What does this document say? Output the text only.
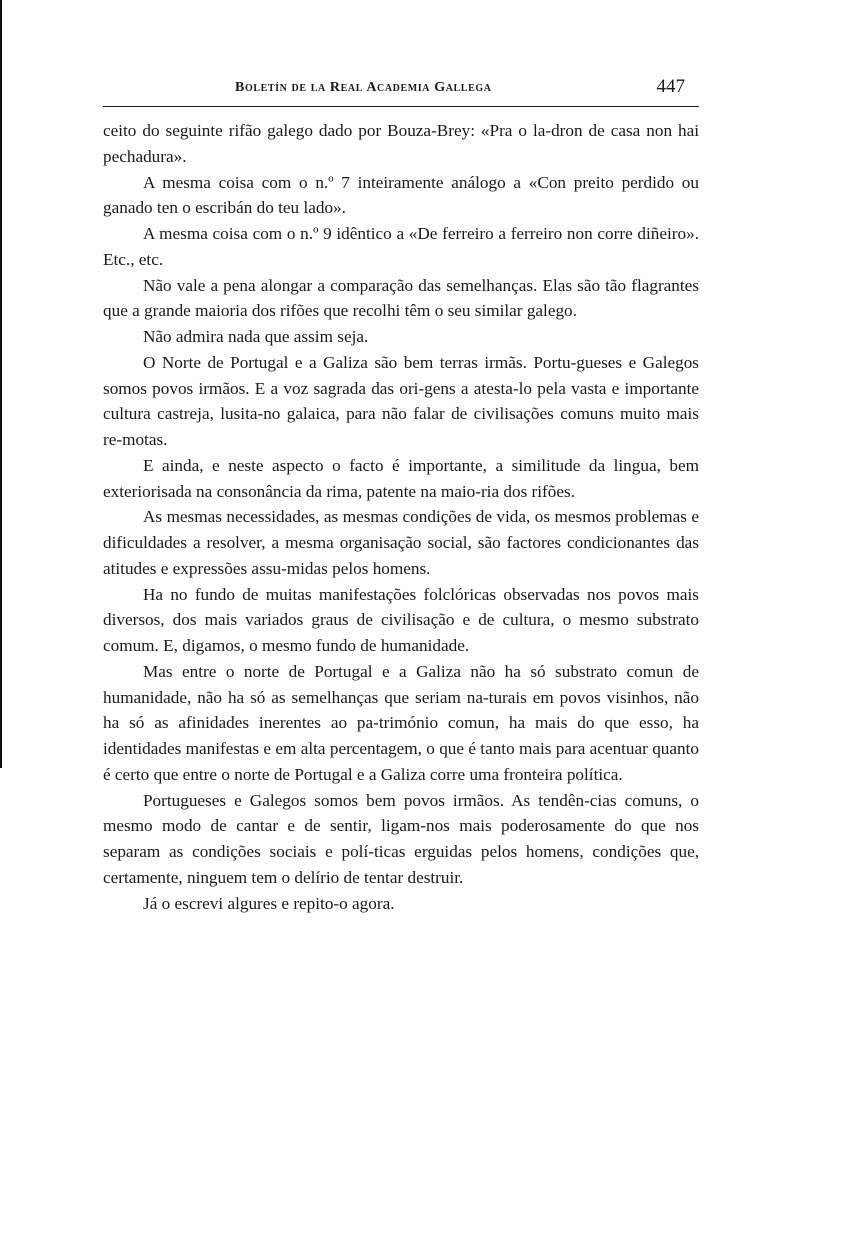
Boletín de la Real Academia Gallega	447

ceito do seguinte rifão galego dado por Bouza-Brey: «Pra o la-dron de casa non hai pechadura».

A mesma coisa com o n.º 7 inteiramente análogo a «Con preito perdido ou ganado ten o escribán do teu lado».

A mesma coisa com o n.º 9 idêntico a «De ferreiro a ferreiro non corre diñeiro». Etc., etc.

Não vale a pena alongar a comparação das semelhanças. Elas são tão flagrantes que a grande maioria dos rifões que recolhi têm o seu similar galego.

Não admira nada que assim seja.

O Norte de Portugal e a Galiza são bem terras irmãs. Portu-gueses e Galegos somos povos irmãos. E a voz sagrada das ori-gens a atesta-lo pela vasta e importante cultura castreja, lusita-no galaica, para não falar de civilisações comuns muito mais re-motas.

E ainda, e neste aspecto o facto é importante, a similitude da lingua, bem exteriorisada na consonância da rima, patente na maio-ria dos rifões.

As mesmas necessidades, as mesmas condições de vida, os mesmos problemas e dificuldades a resolver, a mesma organisação social, são factores condicionantes das atitudes e expressões assu-midas pelos homens.

Ha no fundo de muitas manifestações folclóricas observadas nos povos mais diversos, dos mais variados graus de civilisação e de cultura, o mesmo substrato comum. E, digamos, o mesmo fundo de humanidade.

Mas entre o norte de Portugal e a Galiza não ha só substrato comun de humanidade, não ha só as semelhanças que seriam na-turais em povos visinhos, não ha só as afinidades inerentes ao pa-trimónio comun, ha mais do que esso, ha identidades manifestas e em alta percentagem, o que é tanto mais para acentuar quanto é certo que entre o norte de Portugal e a Galiza corre uma fronteira política.

Portugueses e Galegos somos bem povos irmãos. As tendên-cias comuns, o mesmo modo de cantar e de sentir, ligam-nos mais poderosamente do que nos separam as condições sociais e polí-ticas erguidas pelos homens, condições que, certamente, ninguem tem o delírio de tentar destruir.

Já o escrevi algures e repito-o agora.
